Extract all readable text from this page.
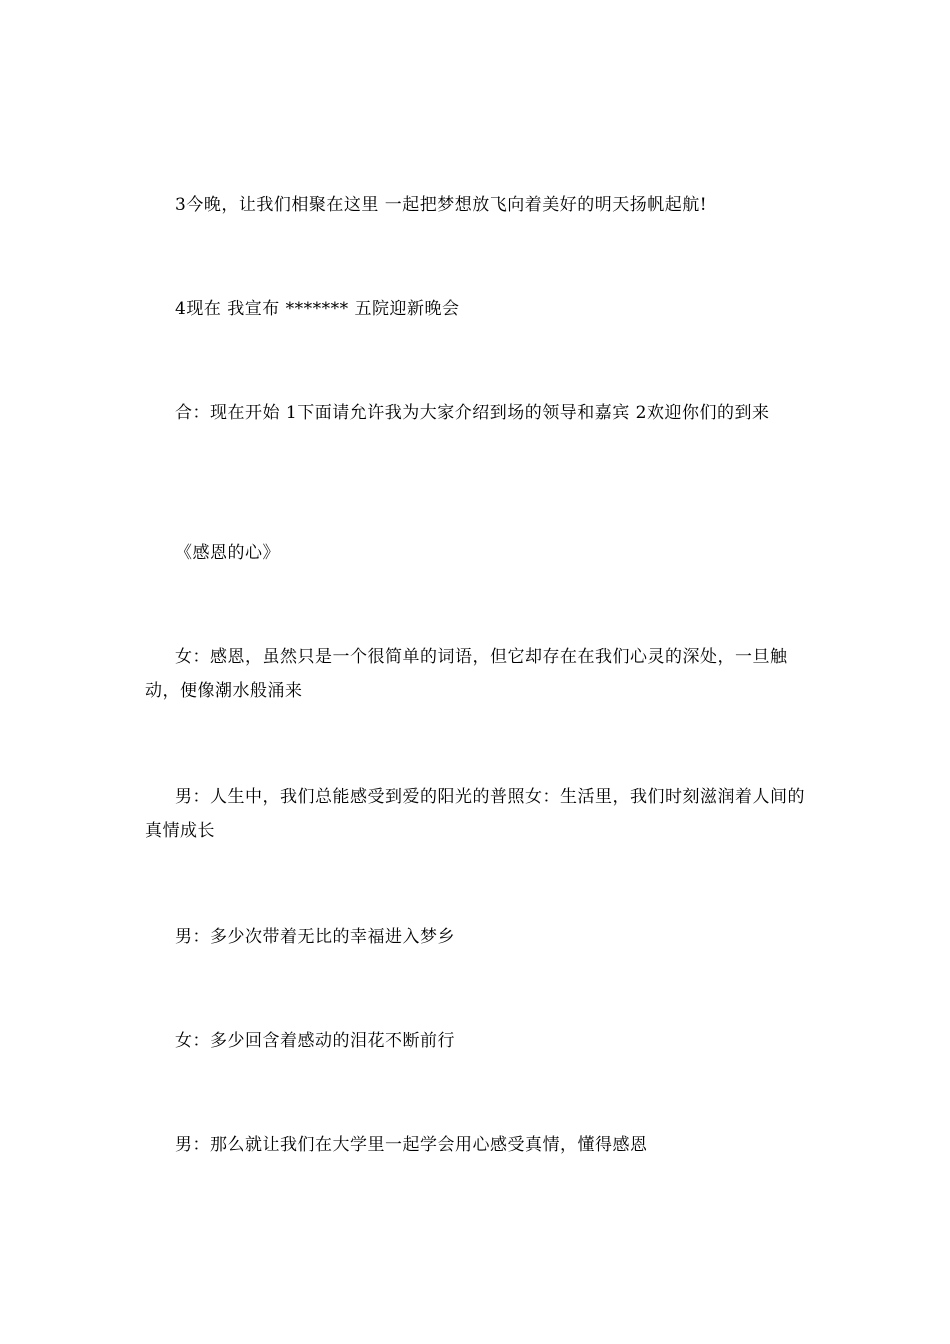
3今晚，让我们相聚在这里 一起把梦想放飞向着美好的明天扬帆起航!

4现在 我宣布 ******* 五院迎新晚会

合：现在开始 1下面请允许我为大家介绍到场的领导和嘉宾 2欢迎你们的到来

《感恩的心》

女：感恩，虽然只是一个很简单的词语，但它却存在在我们心灵的深处，一旦触动，便像潮水般涌来

男：人生中，我们总能感受到爱的阳光的普照女：生活里，我们时刻滋润着人间的真情成长

男：多少次带着无比的幸福进入梦乡

女：多少回含着感动的泪花不断前行

男：那么就让我们在大学里一起学会用心感受真情，懂得感恩
